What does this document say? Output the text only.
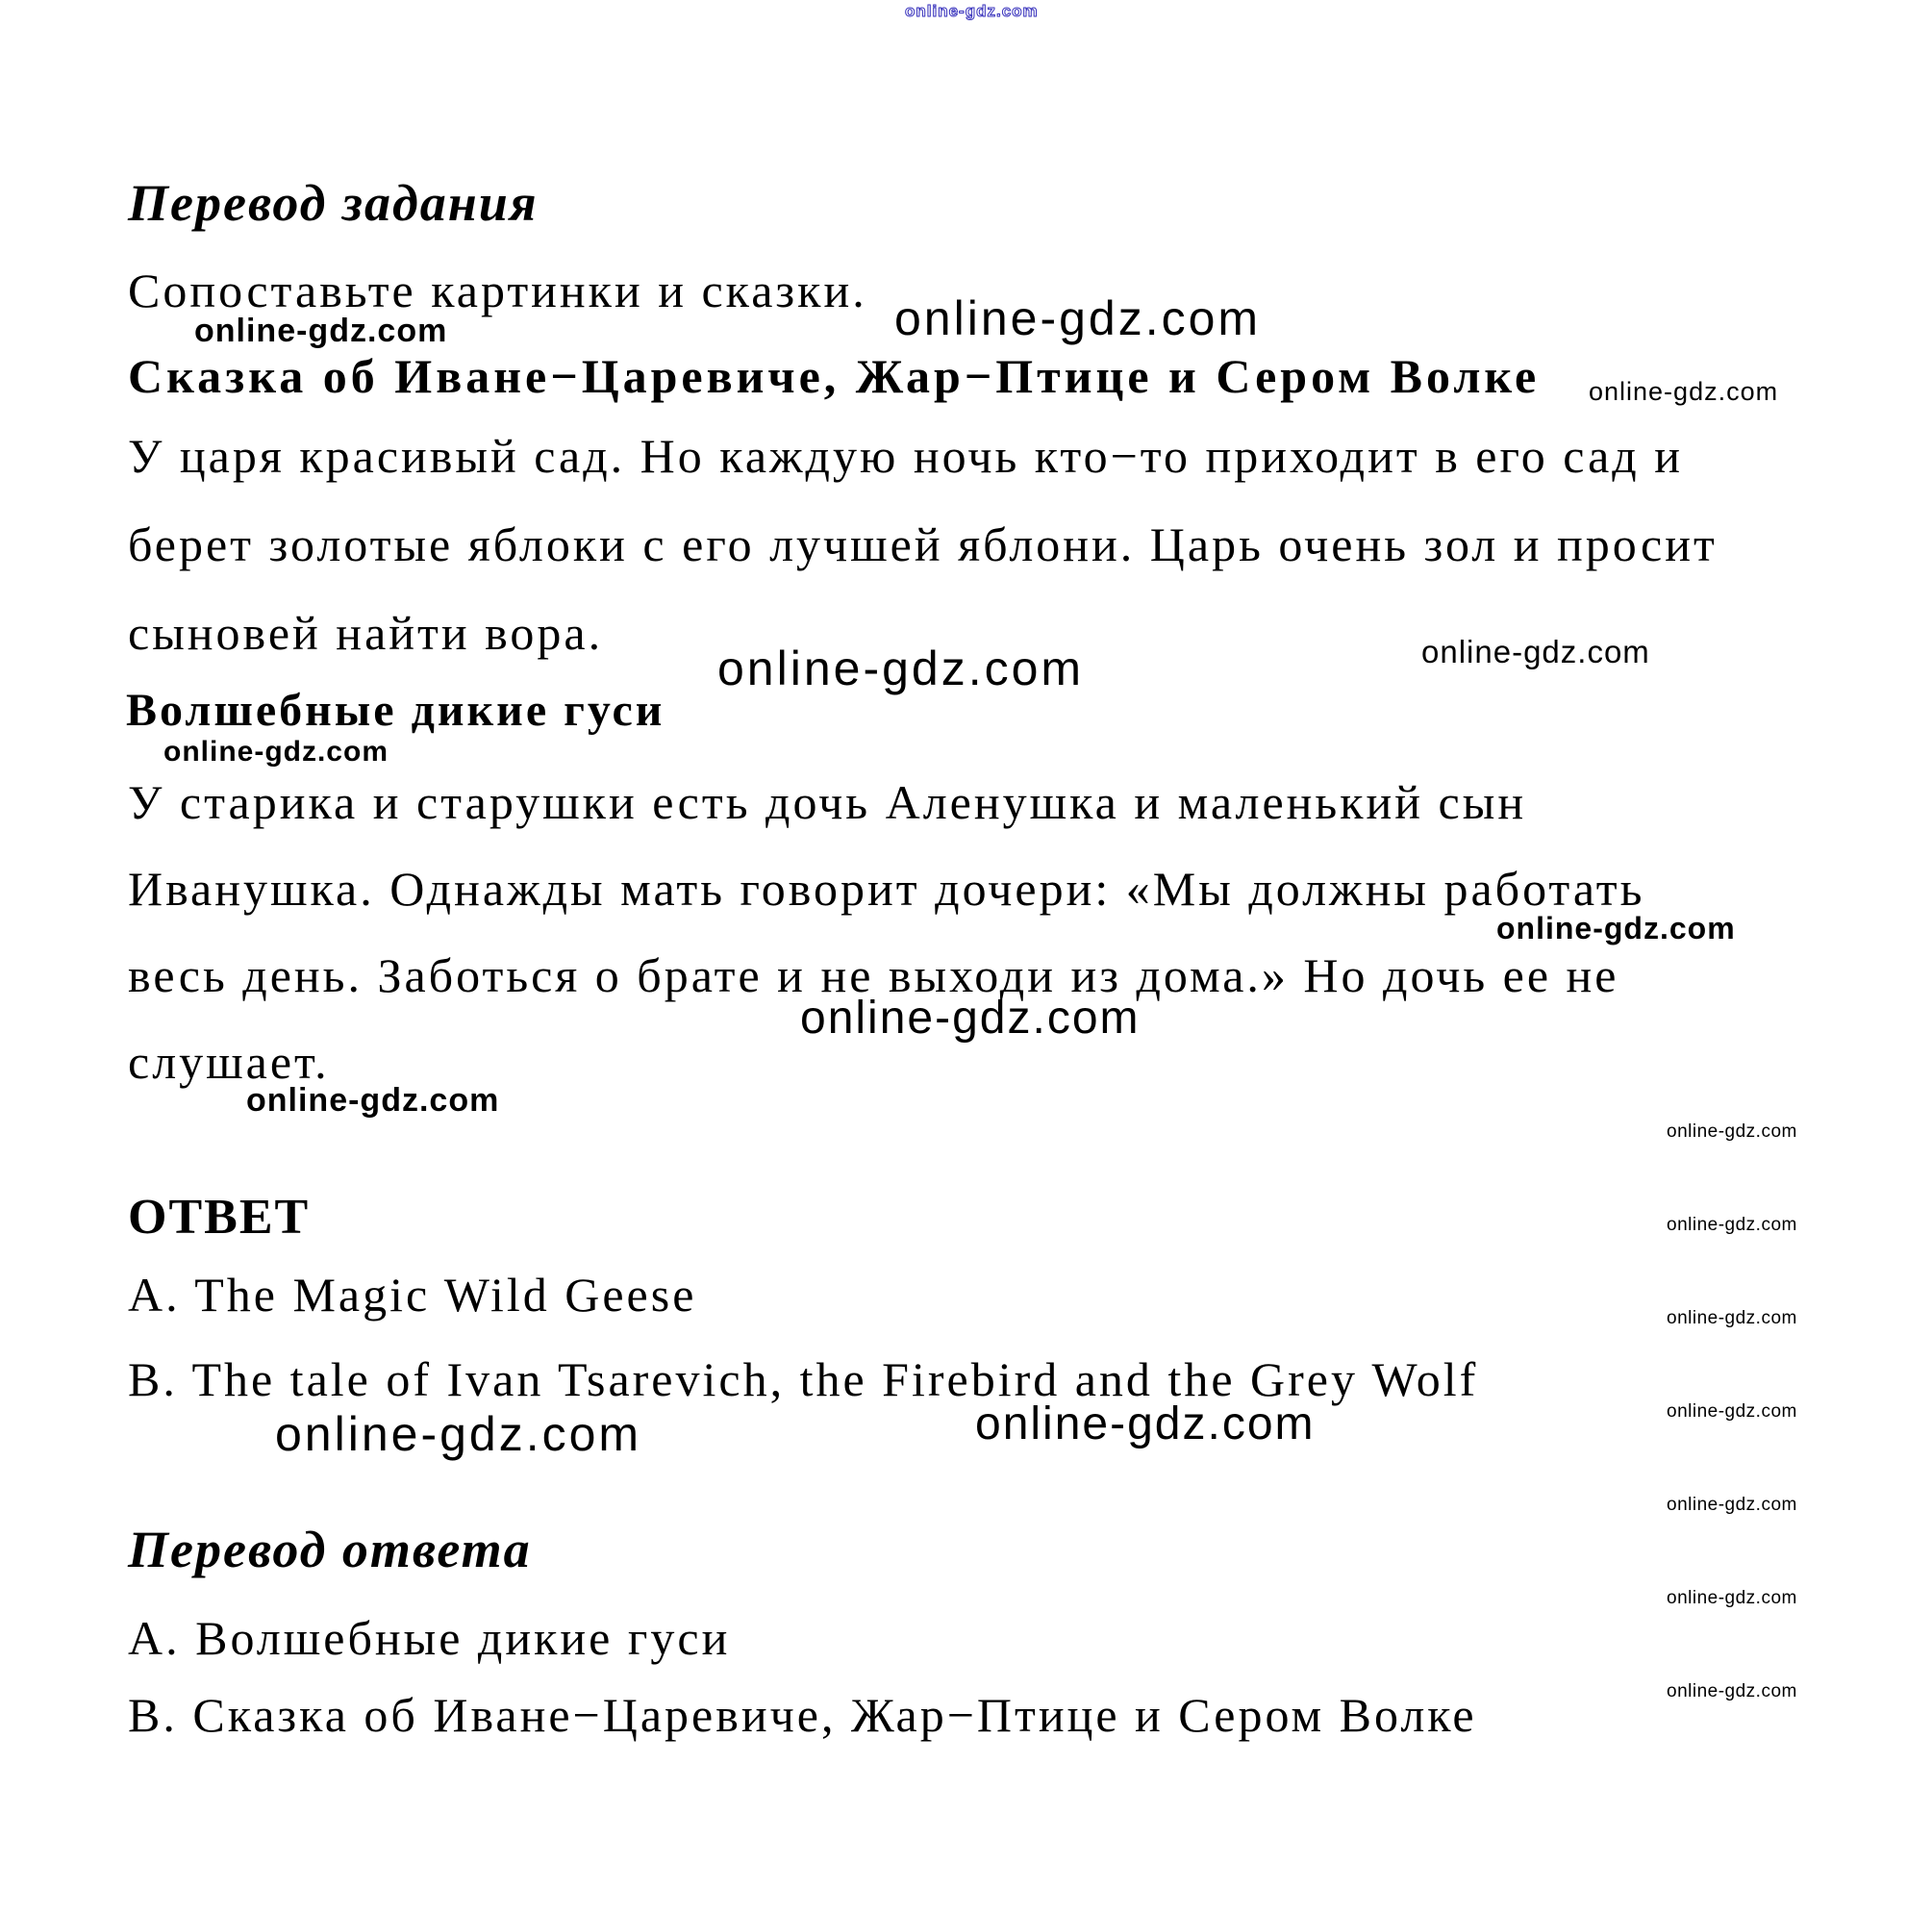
online-gdz.com
Перевод задания
Сопоставьте картинки и сказки.
online-gdz.com	online-gdz.com
Сказка об Иване−Царевиче, Жар−Птице и Сером Волке online-gdz.com
У царя красивый сад. Но каждую ночь кто−то приходит в его сад и
берет золотые яблоки с его лучшей яблони. Царь очень зол и просит
сыновей найти вора.
online-gdz.com	online-gdz.com
Волшебные дикие гуси
online-gdz.com
У старика и старушки есть дочь Аленушка и маленький сын
Иванушка. Однажды мать говорит дочери: «Мы должны работать
весь день. Заботься о брате и не выходи из дома.» Но дочь ее не
слушает.
online-gdz.com
online-gdz.com
online-gdz.com
ОТВЕТ
A. The Magic Wild Geese
B. The tale of Ivan Tsarevich, the Firebird and the Grey Wolf
online-gdz.com	online-gdz.com
Перевод ответа
A. Волшебные дикие гуси
B. Сказка об Иване−Царевиче, Жар−Птице и Сером Волке
online-gdz.com
online-gdz.com
online-gdz.com
online-gdz.com
online-gdz.com
online-gdz.com
online-gdz.com
